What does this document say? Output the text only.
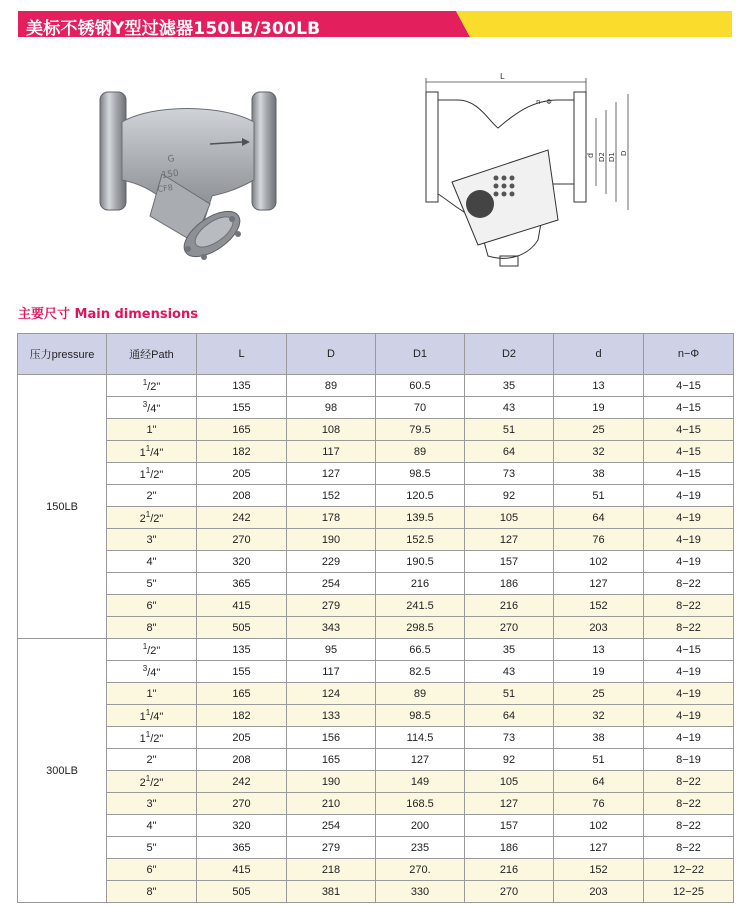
美标不锈钢Y型过滤器150LB/300LB
G
150
CF8
L
n−Φ
d D2 D1 D
主要尺寸 Main dimensions
压力pressure	通经Path	L	D	D1	D2	d	n−Φ
150LB	$^1$/2"	135	89	60.5	35	13	4−15
	$^3$/4"	155	98	70	43	19	4−15
	1"	165	108	79.5	51	25	4−15
	$1^1/4$"	182	117	89	64	32	4−15
	$1^1/2$"	205	127	98.5	73	38	4−15
	2"	208	152	120.5	92	51	4−19
	$2^1/2$"	242	178	139.5	105	64	4−19
	3"	270	190	152.5	127	76	4−19
	4"	320	229	190.5	157	102	4−19
	5"	365	254	216	186	127	8−22
	6"	415	279	241.5	216	152	8−22
	8"	505	343	298.5	270	203	8−22
300LB	$^1$/2"	135	95	66.5	35	13	4−15
	$^3$/4"	155	117	82.5	43	19	4−19
	1"	165	124	89	51	25	4−19
	$1^1/4$"	182	133	98.5	64	32	4−19
	$1^1/2$"	205	156	114.5	73	38	4−19
	2"	208	165	127	92	51	8−19
	$2^1/2$"	242	190	149	105	64	8−22
	3"	270	210	168.5	127	76	8−22
	4"	320	254	200	157	102	8−22
	5"	365	279	235	186	127	8−22
	6"	415	218	270.	216	152	12−22
	8"	505	381	330	270	203	12−25
